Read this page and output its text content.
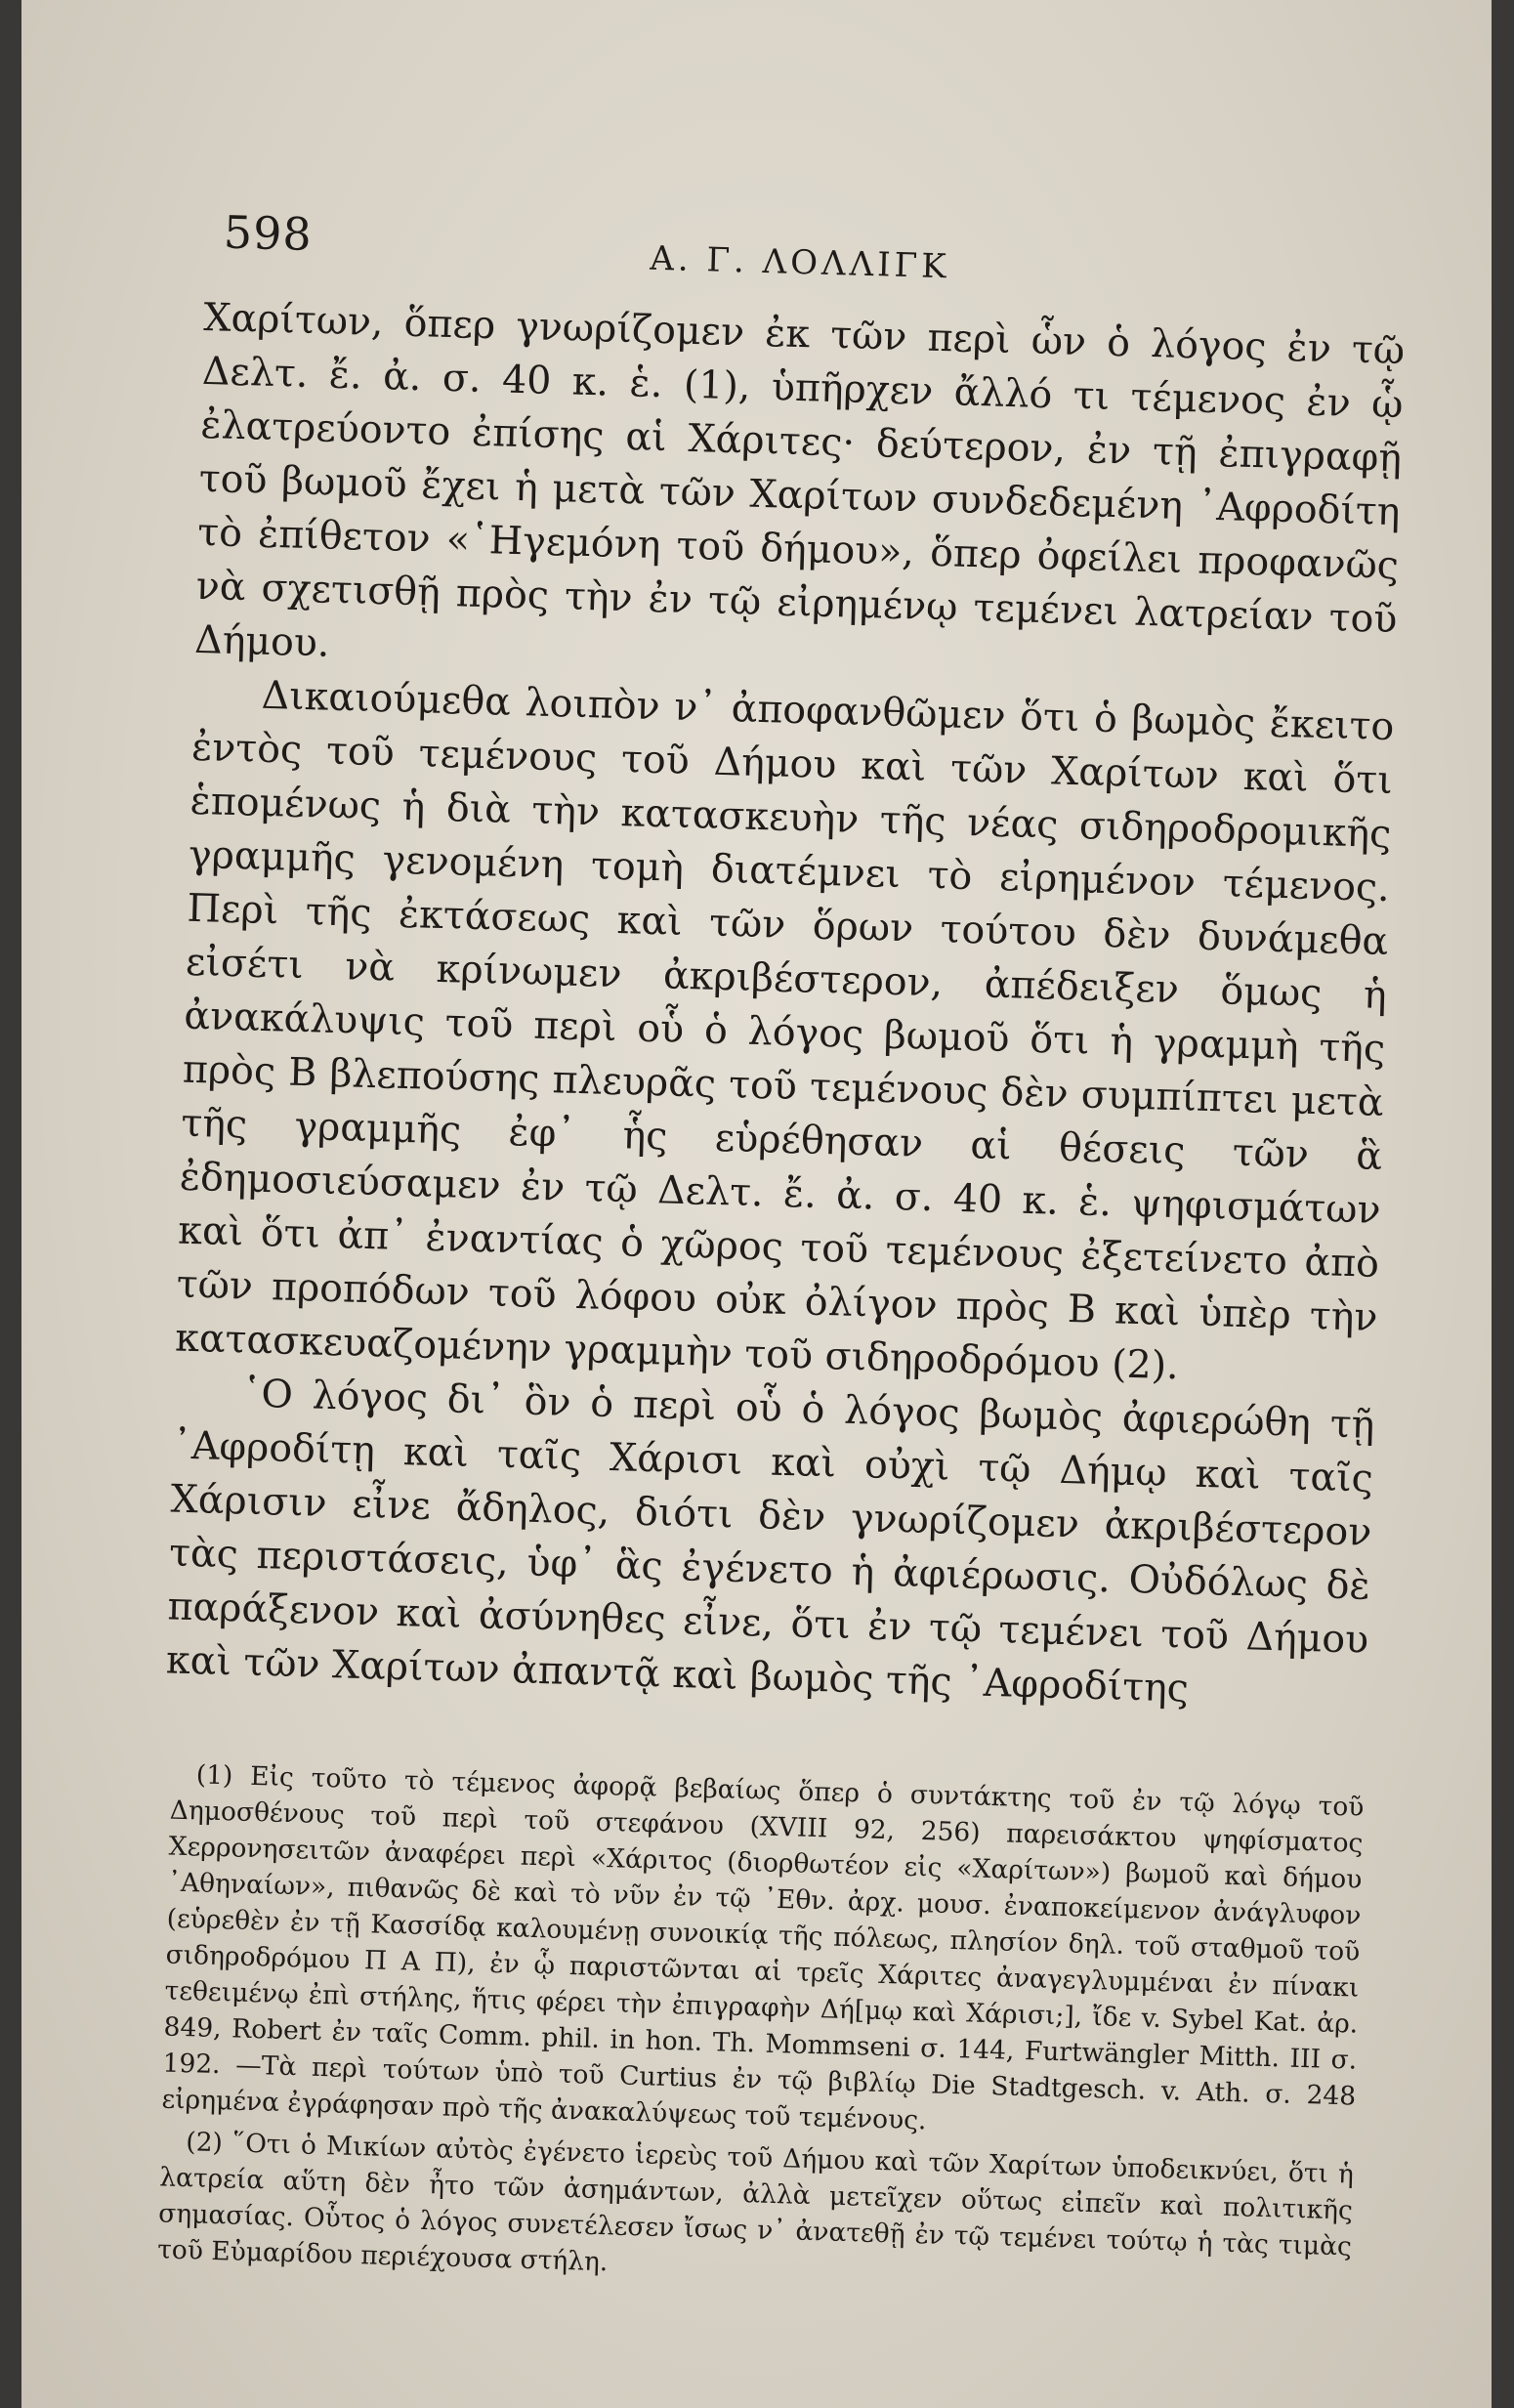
598
Α. Γ. ΛΟΛΛΙΓΚ

Χαρίτων, ὅπερ γνωρίζομεν ἐκ τῶν περὶ ὧν ὁ λόγος ἐν τῷ Δελτ. ἔ. ἀ. σ. 40 κ. ἑ. (1), ὑπῆρχεν ἄλλό τι τέμενος ἐν ᾧ ἐλατρεύοντο ἐπίσης αἱ Χάριτες· δεύτερον, ἐν τῇ ἐπιγραφῇ τοῦ βωμοῦ ἔχει ἡ μετὰ τῶν Χαρίτων συνδεδεμένη ᾿Αφροδίτη τὸ ἐπίθετον «῾Ηγεμόνη τοῦ δήμου», ὅπερ ὀφείλει προφανῶς νὰ σχετισθῇ πρὸς τὴν ἐν τῷ εἰρημένῳ τεμένει λατρείαν τοῦ Δήμου.

Δικαιούμεθα λοιπὸν ν᾿ ἀποφανθῶμεν ὅτι ὁ βωμὸς ἔκειτο ἐντὸς τοῦ τεμένους τοῦ Δήμου καὶ τῶν Χαρίτων καὶ ὅτι ἑπομένως ἡ διὰ τὴν κατασκευὴν τῆς νέας σιδηροδρομικῆς γραμμῆς γενομένη τομὴ διατέμνει τὸ εἰρημένον τέμενος. Περὶ τῆς ἐκτάσεως καὶ τῶν ὅρων τούτου δὲν δυνάμεθα εἰσέτι νὰ κρίνωμεν ἀκριβέστερον, ἀπέδειξεν ὅμως ἡ ἀνακάλυψις τοῦ περὶ οὗ ὁ λόγος βωμοῦ ὅτι ἡ γραμμὴ τῆς πρὸς Β βλεπούσης πλευρᾶς τοῦ τεμένους δὲν συμπίπτει μετὰ τῆς γραμμῆς ἐφ᾿ ἧς εὑρέθησαν αἱ θέσεις τῶν ἃ ἐδημοσιεύσαμεν ἐν τῷ Δελτ. ἔ. ἀ. σ. 40 κ. ἑ. ψηφισμάτων καὶ ὅτι ἀπ᾿ ἐναντίας ὁ χῶρος τοῦ τεμένους ἐξετείνετο ἀπὸ τῶν προπόδων τοῦ λόφου οὐκ ὀλίγον πρὸς Β καὶ ὑπὲρ τὴν κατασκευαζομένην γραμμὴν τοῦ σιδηροδρόμου (2).

῾Ο λόγος δι᾿ ὃν ὁ περὶ οὗ ὁ λόγος βωμὸς ἀφιερώθη τῇ ᾿Αφροδίτῃ καὶ ταῖς Χάρισι καὶ οὐχὶ τῷ Δήμῳ καὶ ταῖς Χάρισιν εἶνε ἄδηλος, διότι δὲν γνωρίζομεν ἀκριβέστερον τὰς περιστάσεις, ὑφ᾿ ἃς ἐγένετο ἡ ἀφιέρωσις. Οὐδόλως δὲ παράξενον καὶ ἀσύνηθες εἶνε, ὅτι ἐν τῷ τεμένει τοῦ Δήμου καὶ τῶν Χαρίτων ἀπαντᾷ καὶ βωμὸς τῆς ᾿Αφροδίτης

(1) Εἰς τοῦτο τὸ τέμενος ἀφορᾷ βεβαίως ὅπερ ὁ συντάκτης τοῦ ἐν τῷ λόγῳ τοῦ Δημοσθένους τοῦ περὶ τοῦ στεφάνου (XVIII 92, 256) παρεισάκτου ψηφίσματος Χερρονησειτῶν ἀναφέρει περὶ «Χάριτος (διορθωτέον εἰς «Χαρίτων») βωμοῦ καὶ δήμου ᾿Αθηναίων», πιθανῶς δὲ καὶ τὸ νῦν ἐν τῷ ᾿Εθν. ἀρχ. μουσ. ἐναποκείμενον ἀνάγλυφον (εὑρεθὲν ἐν τῇ Κασσίδᾳ καλουμένῃ συνοικίᾳ τῆς πόλεως, πλησίον δηλ. τοῦ σταθμοῦ τοῦ σιδηροδρόμου Π Α Π), ἐν ᾧ παριστῶνται αἱ τρεῖς Χάριτες ἀναγεγλυμμέναι ἐν πίνακι τεθειμένῳ ἐπὶ στήλης, ἥτις φέρει τὴν ἐπιγραφὴν Δή[μῳ καὶ Χάρισι;], ἴδε v. Sybel Kat. ἀρ. 849, Robert ἐν ταῖς Comm. phil. in hon. Th. Mommseni σ. 144, Furtwängler Mitth. III σ. 192. —Τὰ περὶ τούτων ὑπὸ τοῦ Curtius ἐν τῷ βιβλίῳ Die Stadtgesch. v. Ath. σ. 248 εἰρημένα ἐγράφησαν πρὸ τῆς ἀνακαλύψεως τοῦ τεμένους.

(2) ῞Οτι ὁ Μικίων αὐτὸς ἐγένετο ἱερεὺς τοῦ Δήμου καὶ τῶν Χαρίτων ὑποδεικνύει, ὅτι ἡ λατρεία αὕτη δὲν ἦτο τῶν ἀσημάντων, ἀλλὰ μετεῖχεν οὕτως εἰπεῖν καὶ πολιτικῆς σημασίας. Οὗτος ὁ λόγος συνετέλεσεν ἴσως ν᾿ ἀνατεθῇ ἐν τῷ τεμένει τούτῳ ἡ τὰς τιμὰς τοῦ Εὐμαρίδου περιέχουσα στήλη.
